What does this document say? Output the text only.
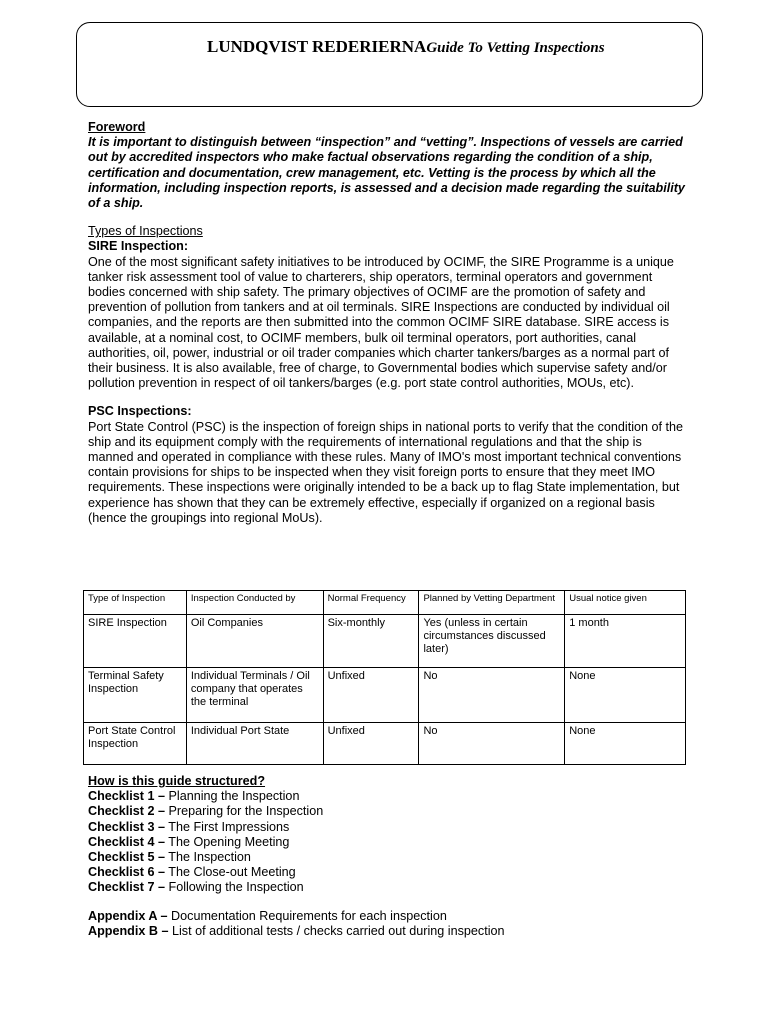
LUNDQVIST REDERIERNAGuide To Vetting Inspections
Foreword

It is important to distinguish between “inspection” and “vetting”. Inspections of vessels are carried out by accredited inspectors who make factual observations regarding the condition of a ship, certification and documentation, crew management, etc. Vetting is the process by which all the information, including inspection reports, is assessed and a decision made regarding the suitability of a ship.

Types of Inspections
SIRE Inspection:

One of the most significant safety initiatives to be introduced by OCIMF, the SIRE Programme is a unique tanker risk assessment tool of value to charterers, ship operators, terminal operators and government bodies concerned with ship safety. The primary objectives of OCIMF are the promotion of safety and prevention of pollution from tankers and at oil terminals. SIRE Inspections are conducted by individual oil companies, and the reports are then submitted into the common OCIMF SIRE database. SIRE access is available, at a nominal cost, to OCIMF members, bulk oil terminal operators, port authorities, canal authorities, oil, power, industrial or oil trader companies which charter tankers/barges as a normal part of their business. It is also available, free of charge, to Governmental bodies which supervise safety and/or pollution prevention in respect of oil tankers/barges (e.g. port state control authorities, MOUs, etc).

PSC Inspections:

Port State Control (PSC) is the inspection of foreign ships in national ports to verify that the condition of the ship and its equipment comply with the requirements of international regulations and that the ship is manned and operated in compliance with these rules. Many of IMO's most important technical conventions contain provisions for ships to be inspected when they visit foreign ports to ensure that they meet IMO requirements. These inspections were originally intended to be a back up to flag State implementation, but experience has shown that they can be extremely effective, especially if organized on a regional basis (hence the groupings into regional MoUs).

Type of Inspection	Inspection Conducted by	Normal Frequency	Planned by Vetting Department	Usual notice given
SIRE Inspection	Oil Companies	Six-monthly	Yes (unless in certain circumstances discussed later)	1 month
Terminal Safety Inspection	Individual Terminals / Oil company that operates the terminal	Unfixed	No	None
Port State Control Inspection	Individual Port State	Unfixed	No	None
How is this guide structured?
Checklist 1 – Planning the Inspection
Checklist 2 – Preparing for the Inspection
Checklist 3 – The First Impressions
Checklist 4 – The Opening Meeting
Checklist 5 – The Inspection
Checklist 6 – The Close-out Meeting
Checklist 7 – Following the Inspection
Appendix A – Documentation Requirements for each inspection
Appendix B – List of additional tests / checks carried out during inspection
